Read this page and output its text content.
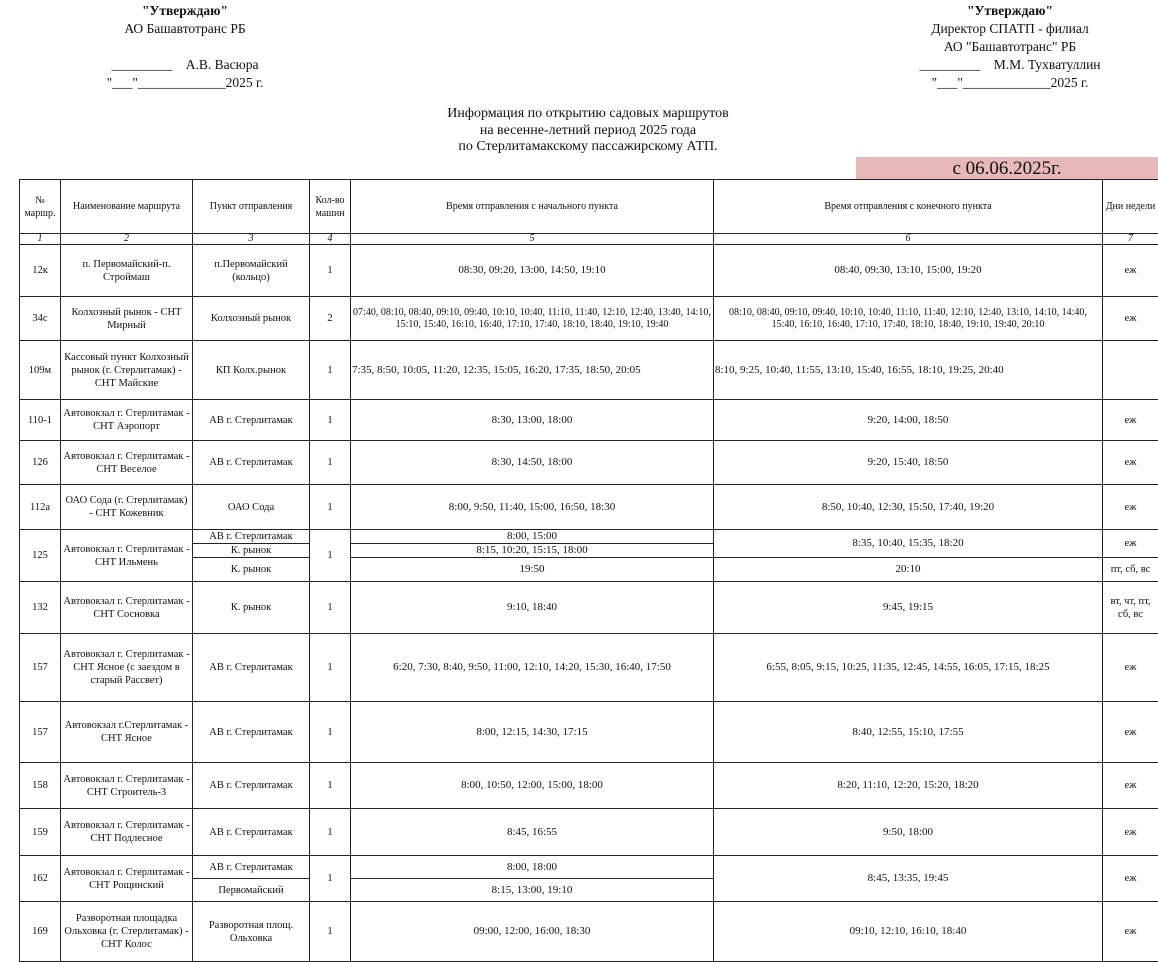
"Утверждаю"
АО Башавтотранс РБ
_________ А.В. Васюра
"___"_____________2025 г.
"Утверждаю"
Директор СПАТП - филиал
АО "Башавтотранс" РБ
_________ М.М. Тухватуллин
"___"_____________2025 г.
Информация по открытию садовых маршрутов
на весенне-летний период 2025 года
по Стерлитамакскому пассажирскому АТП.
с 06.06.2025г.
№ маршр.	Наименование маршрута	Пункт отправления	Кол-во машин	Время отправления с начального пункта	Время отправления с конечного пункта	Дни недели
1	2	3	4	5	6	7
12к	п. Первомайский-п. Строймаш	п.Первомайский (кольцо)	1	08:30, 09:20, 13:00, 14:50, 19:10	08:40, 09:30, 13:10, 15:00, 19:20	еж
34с	Колхозный рынок - СНТ Мирный	Колхозный рынок	2	07:40, 08:10, 08:40, 09:10, 09:40, 10:10, 10:40, 11:10, 11:40, 12:10, 12:40, 13:40, 14:10, 15:10, 15:40, 16:10, 16:40, 17:10, 17:40, 18:10, 18:40, 19:10, 19:40	08:10, 08:40, 09:10, 09:40, 10:10, 10:40, 11:10, 11:40, 12:10, 12:40, 13:10, 14:10, 14:40, 15:40, 16:10, 16:40, 17:10, 17:40, 18:10, 18:40, 19:10, 19:40, 20:10	еж
109м	Кассовый пункт Колхозный рынок (г. Стерлитамак) - СНТ Майские	КП Колх.рынок	1	7:35, 8:50, 10:05, 11:20, 12:35, 15:05, 16:20, 17:35, 18:50, 20:05	8:10, 9:25, 10:40, 11:55, 13:10, 15:40, 16:55, 18:10, 19:25, 20:40	
110-1	Автовокзал г. Стерлитамак - СНТ Аэропорт	АВ г. Стерлитамак	1	8:30, 13:00, 18:00	9:20, 14:00, 18:50	еж
126	Автовокзал г. Стерлитамак - СНТ Веселое	АВ г. Стерлитамак	1	8:30, 14:50, 18:00	9:20, 15:40, 18:50	еж
112а	ОАО Сода (г. Стерлитамак) - СНТ Кожевник	ОАО Сода	1	8:00, 9:50, 11:40, 15:00, 16:50, 18:30	8:50, 10:40, 12:30, 15:50, 17:40, 19:20	еж
125	Автовокзал г. Стерлитамак - СНТ Ильмень	АВ г. Стерлитамак	1	8:00, 15:00	8:35, 10:40, 15:35, 18:20	еж
		К. рынок		8:15, 10:20, 15:15, 18:00		
		К. рынок		19:50	20:10	пт, сб, вс
132	Автовокзал г. Стерлитамак - СНТ Сосновка	К. рынок	1	9:10, 18:40	9:45, 19:15	вт, чт, пт, сб, вс
157	Автовокзал г. Стерлитамак - СНТ Ясное (с заездом в старый Рассвет)	АВ г. Стерлитамак	1	6:20, 7:30, 8:40, 9:50, 11:00, 12:10, 14:20, 15:30, 16:40, 17:50	6:55, 8:05, 9:15, 10:25, 11:35, 12:45, 14:55, 16:05, 17:15, 18:25	еж
157	Автовокзал г.Стерлитамак - СНТ Ясное	АВ г. Стерлитамак	1	8:00, 12:15, 14:30, 17:15	8:40, 12:55, 15:10, 17:55	еж
158	Автовокзал г. Стерлитамак - СНТ Строитель-3	АВ г. Стерлитамак	1	8:00, 10:50, 12:00, 15:00, 18:00	8:20, 11:10, 12:20, 15:20, 18:20	еж
159	Автовокзал г. Стерлитамак - СНТ Подлесное	АВ г. Стерлитамак	1	8:45, 16:55	9:50, 18:00	еж
162	Автовокзал г. Стерлитамак - СНТ Рощинский	АВ г. Стерлитамак	1	8:00, 18:00	8:45, 13:35, 19:45	еж
		Первомайский		8:15, 13:00, 19:10		
169	Разворотная площадка Ольховка (г. Стерлитамак) - СНТ Колос	Разворотная площ. Ольховка	1	09:00, 12:00, 16:00, 18:30	09:10, 12:10, 16:10, 18:40	еж
